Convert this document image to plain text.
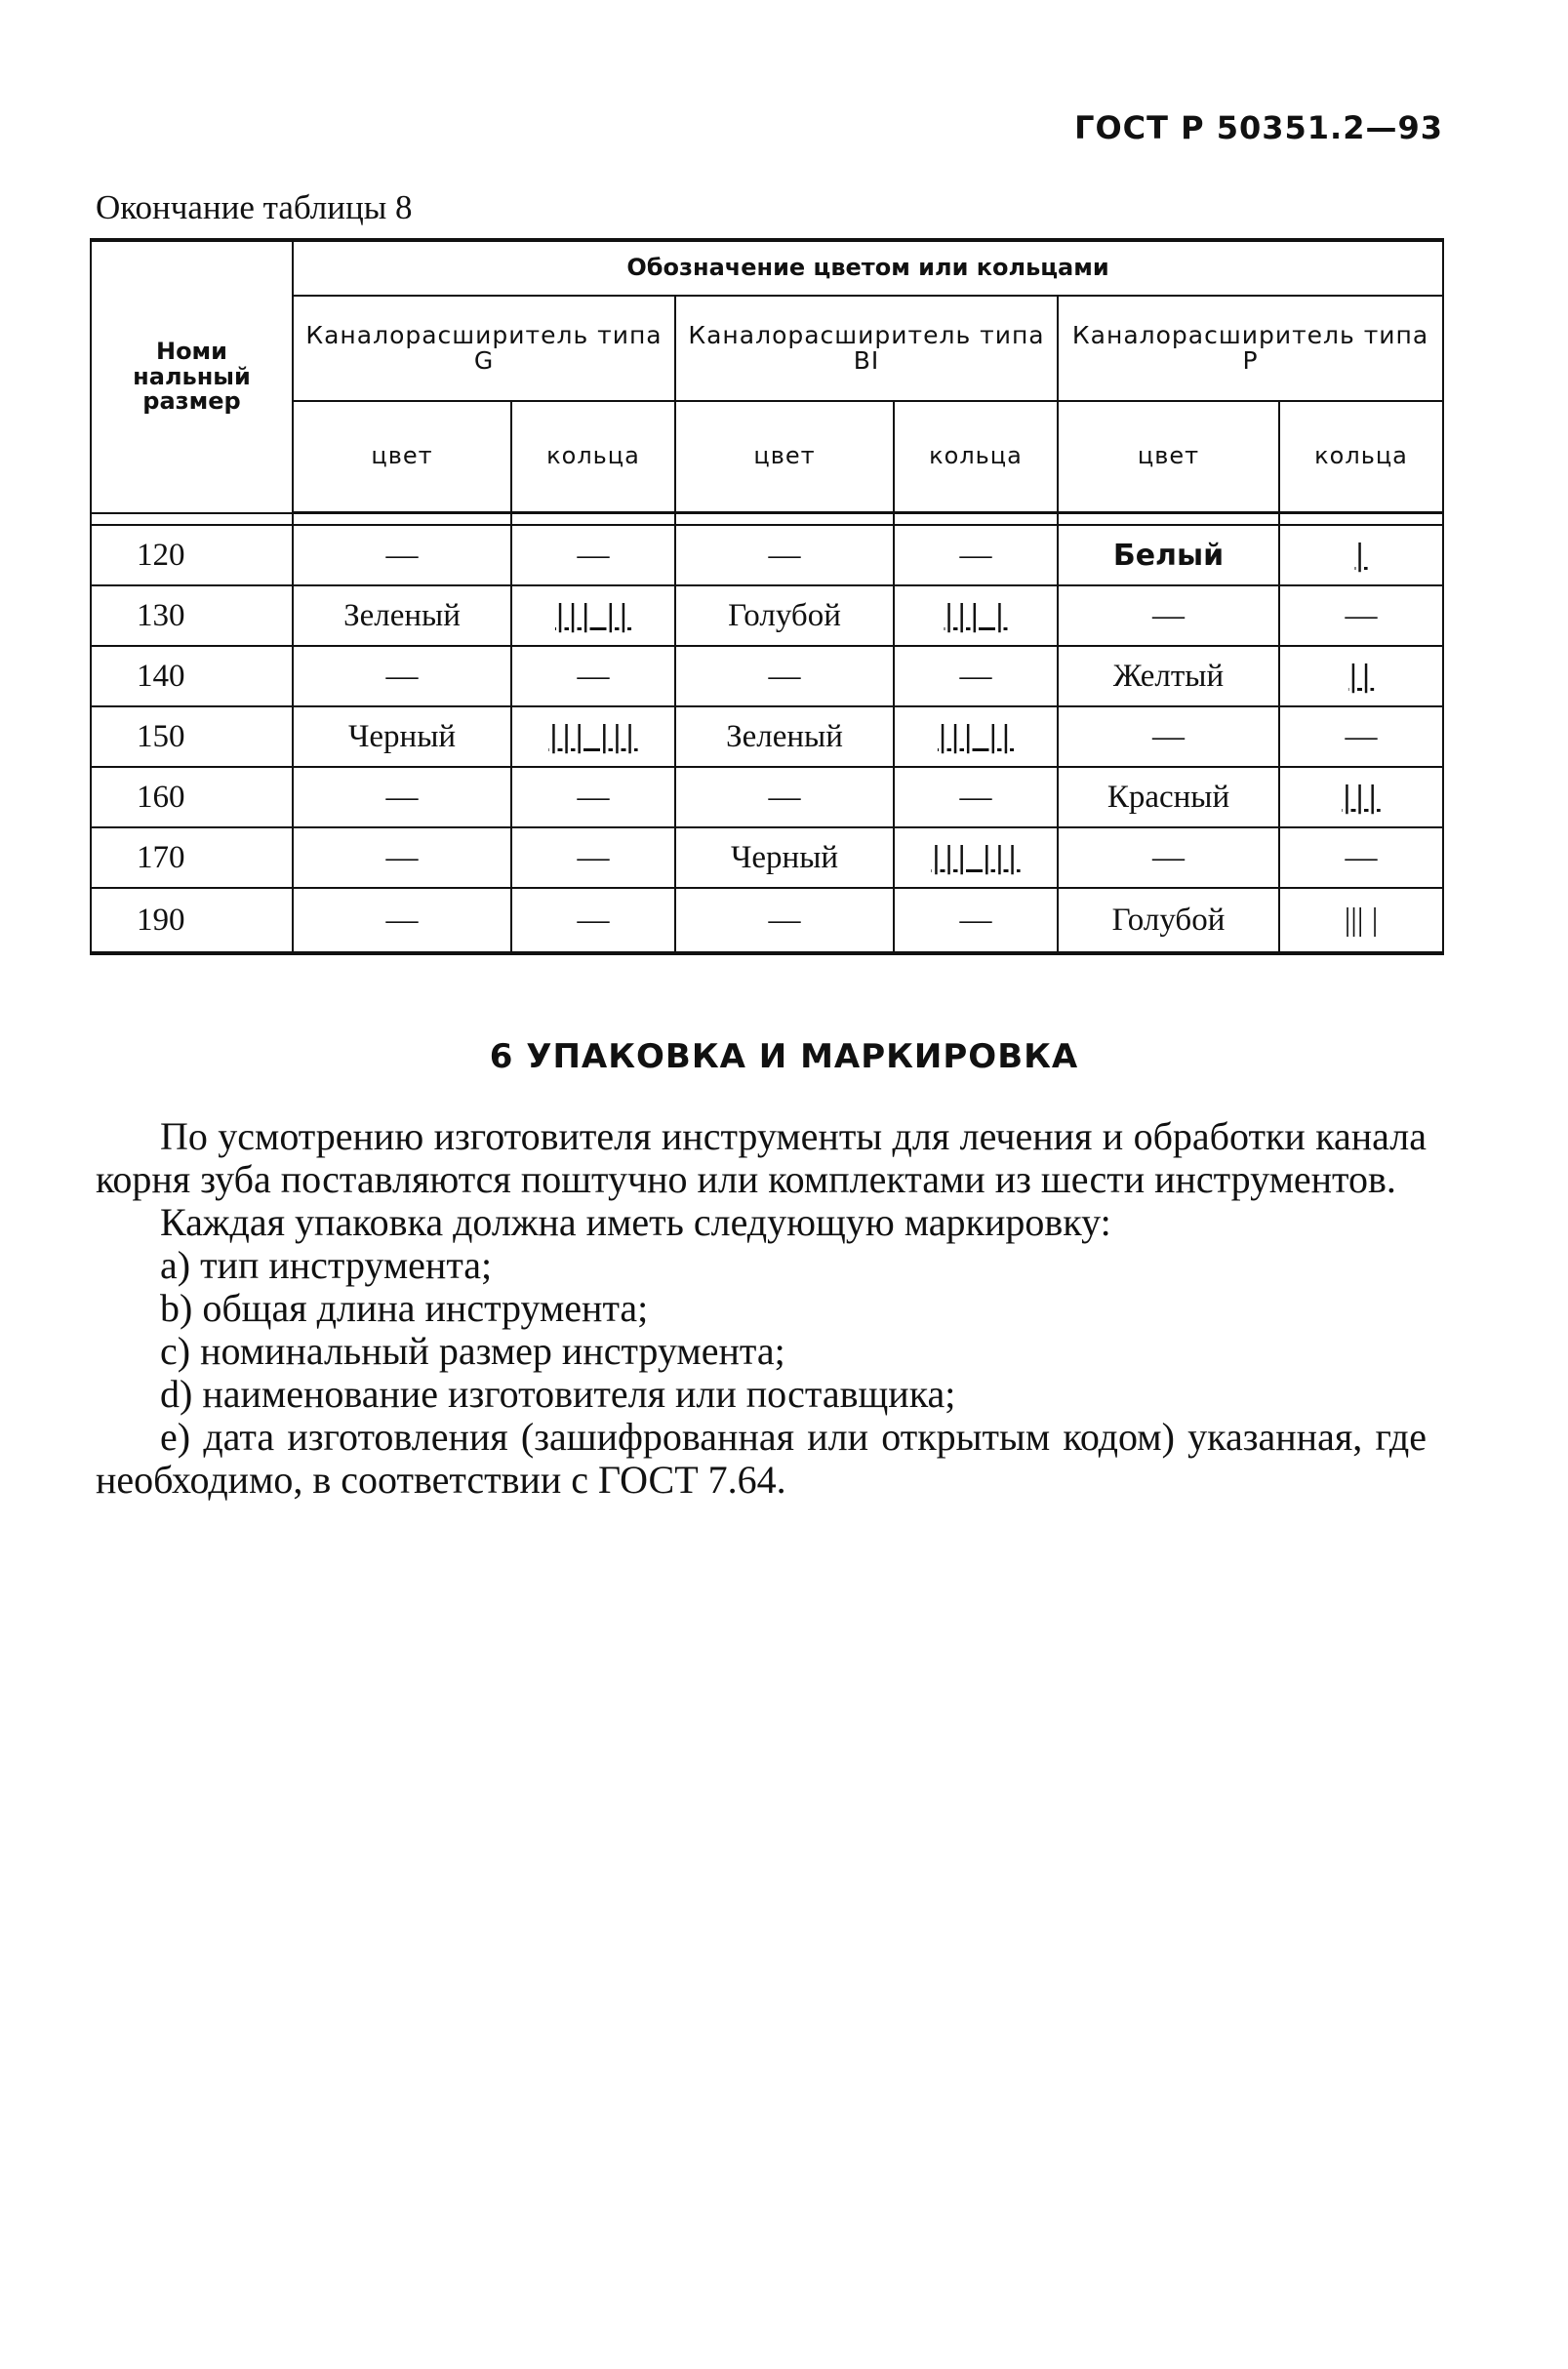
ГОСТ Р 50351.2—93
Окончание таблицы 8
Номи нальный размер	Обозначение цветом или кольцами					
	Каналорасширитель типа G		Каналорасширитель типа BI		Каналорасширитель типа P	
	цвет	кольца	цвет	кольца	цвет	кольца

120	—	—	—	—	Белый	|
130	Зеленый	||| ||	Голубой	||| |	—	—
140	—	—	—	—	Желтый	||
150	Черный	||| |||	Зеленый	||| ||	—	—
160	—	—	—	—	Красный	|||
170	—	—	Черный	||| |||	—	—
190	—	—	—	—	Голубой	||| |
6 УПАКОВКА И МАРКИРОВКА

По усмотрению изготовителя инструменты для лечения и обработки канала корня зуба поставляются поштучно или комплектами из шести инструментов.

Каждая упаковка должна иметь следующую маркировку:

а) тип инструмента;

b) общая длина инструмента;

с) номинальный размер инструмента;

d) наименование изготовителя или поставщика;

е) дата изготовления (зашифрованная или открытым кодом) указанная, где необходимо, в соответствии с ГОСТ 7.64.
